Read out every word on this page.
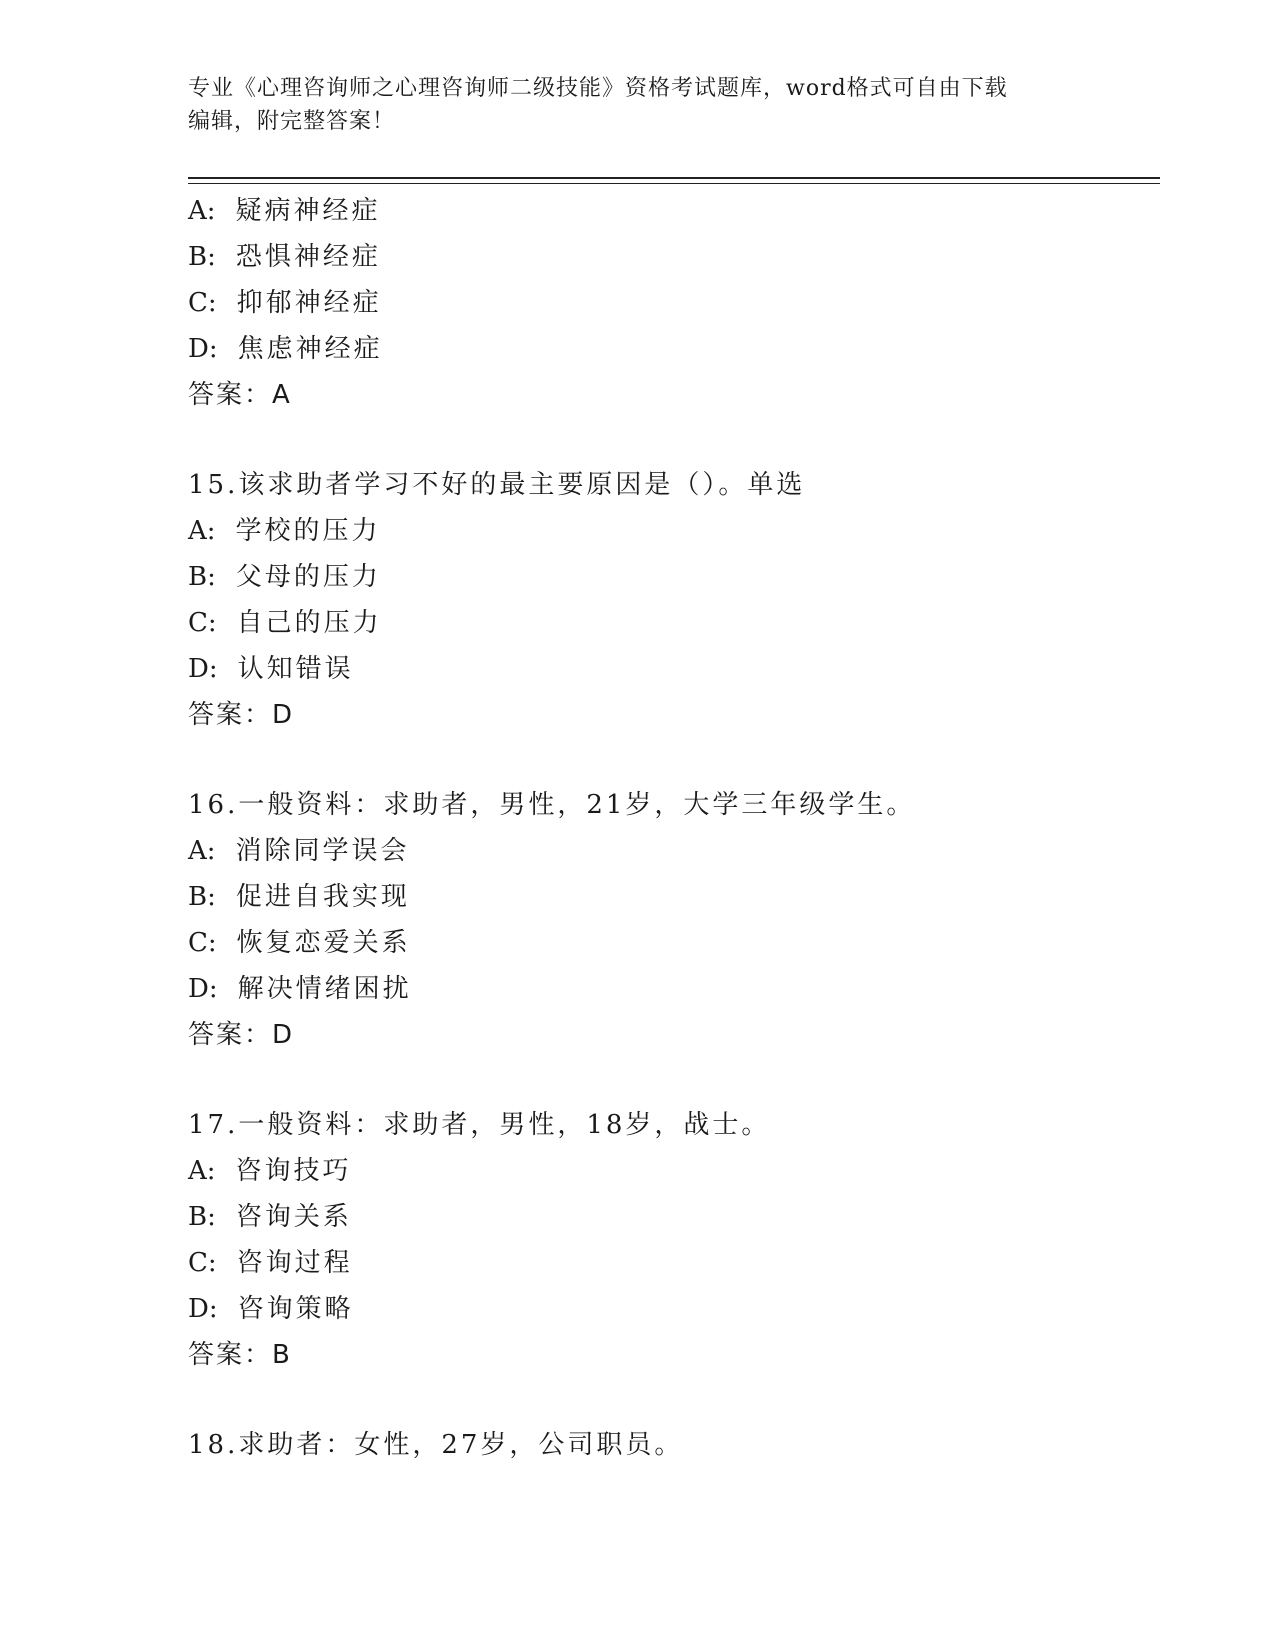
专业《心理咨询师之心理咨询师二级技能》资格考试题库，word格式可自由下载
编辑，附完整答案！
A: 疑病神经症
B: 恐惧神经症
C: 抑郁神经症
D: 焦虑神经症
答案：A
15.该求助者学习不好的最主要原因是（）。单选
A: 学校的压力
B: 父母的压力
C: 自己的压力
D: 认知错误
答案：D
16.一般资料：求助者，男性，21岁，大学三年级学生。
A: 消除同学误会
B: 促进自我实现
C: 恢复恋爱关系
D: 解决情绪困扰
答案：D
17.一般资料：求助者，男性，18岁，战士。
A: 咨询技巧
B: 咨询关系
C: 咨询过程
D: 咨询策略
答案：B
18.求助者：女性，27岁，公司职员。
